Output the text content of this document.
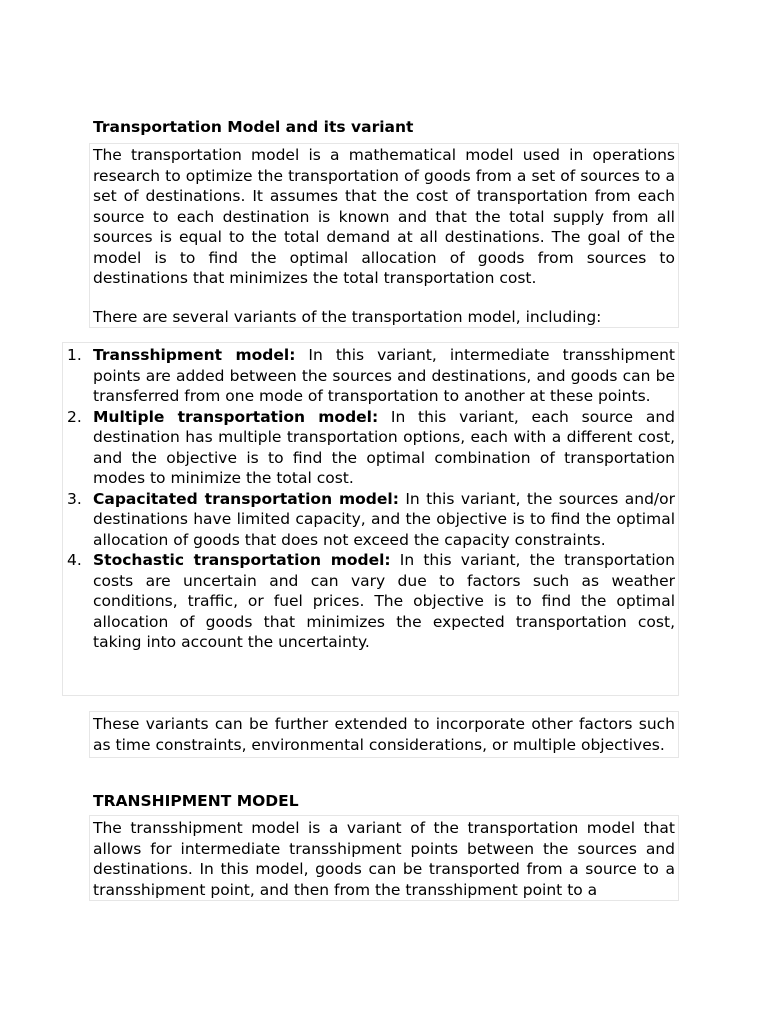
Transportation Model and its variant

The transportation model is a mathematical model used in operations research to optimize the transportation of goods from a set of sources to a set of destinations. It assumes that the cost of transportation from each source to each destination is known and that the total supply from all sources is equal to the total demand at all destinations. The goal of the model is to find the optimal allocation of goods from sources to destinations that minimizes the total transportation cost.

There are several variants of the transportation model, including:

1. Transshipment model: In this variant, intermediate transshipment points are added between the sources and destinations, and goods can be transferred from one mode of transportation to another at these points.
2. Multiple transportation model: In this variant, each source and destination has multiple transportation options, each with a different cost, and the objective is to find the optimal combination of transportation modes to minimize the total cost.
3. Capacitated transportation model: In this variant, the sources and/or destinations have limited capacity, and the objective is to find the optimal allocation of goods that does not exceed the capacity constraints.
4. Stochastic transportation model: In this variant, the transportation costs are uncertain and can vary due to factors such as weather conditions, traffic, or fuel prices. The objective is to find the optimal allocation of goods that minimizes the expected transportation cost, taking into account the uncertainty.

These variants can be further extended to incorporate other factors such as time constraints, environmental considerations, or multiple objectives.

TRANSHIPMENT MODEL

The transshipment model is a variant of the transportation model that allows for intermediate transshipment points between the sources and destinations. In this model, goods can be transported from a source to a transshipment point, and then from the transshipment point to a
